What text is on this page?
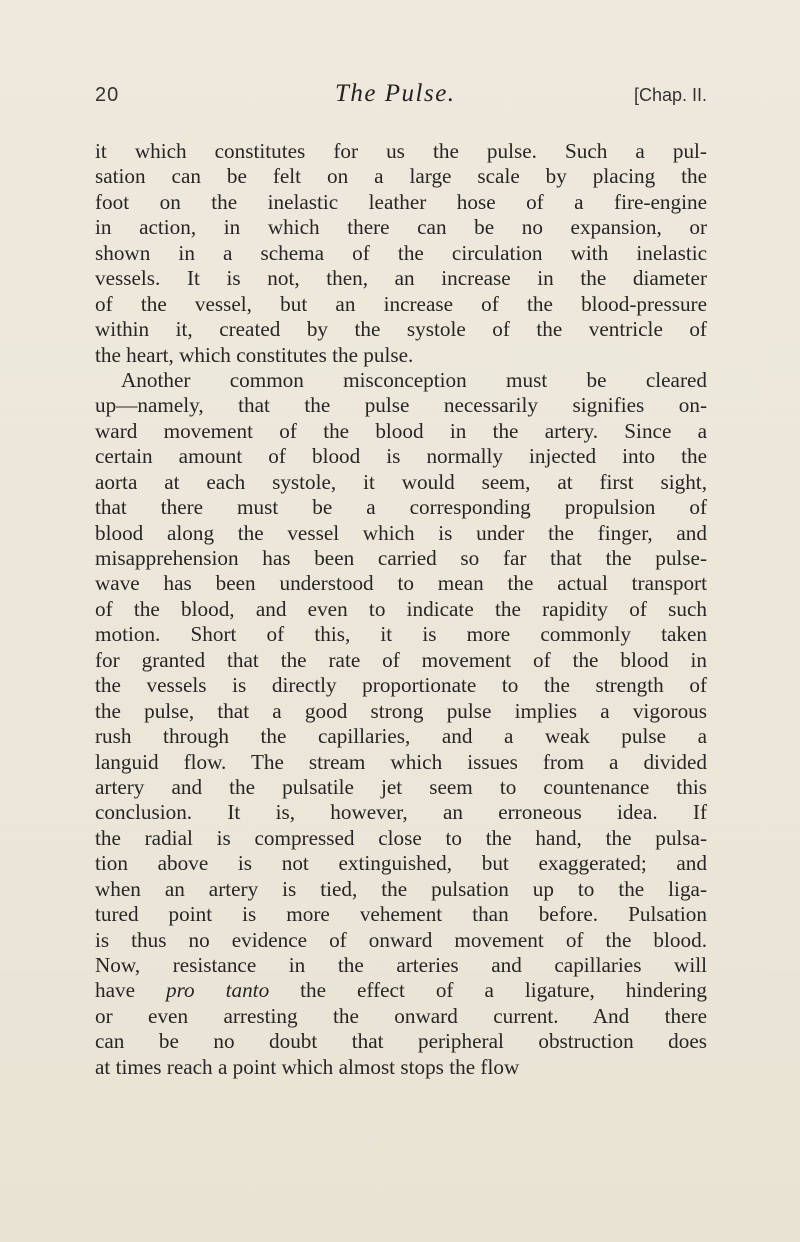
20	The Pulse.	[Chap. II.
it which constitutes for us the pulse. Such a pul-
sation can be felt on a large scale by placing the
foot on the inelastic leather hose of a fire-engine
in action, in which there can be no expansion, or
shown in a schema of the circulation with inelastic
vessels. It is not, then, an increase in the diameter
of the vessel, but an increase of the blood-pressure
within it, created by the systole of the ventricle of
the heart, which constitutes the pulse.
Another common misconception must be cleared
up—namely, that the pulse necessarily signifies on-
ward movement of the blood in the artery. Since a
certain amount of blood is normally injected into the
aorta at each systole, it would seem, at first sight,
that there must be a corresponding propulsion of
blood along the vessel which is under the finger, and
misapprehension has been carried so far that the pulse-
wave has been understood to mean the actual transport
of the blood, and even to indicate the rapidity of such
motion. Short of this, it is more commonly taken
for granted that the rate of movement of the blood in
the vessels is directly proportionate to the strength of
the pulse, that a good strong pulse implies a vigorous
rush through the capillaries, and a weak pulse a
languid flow. The stream which issues from a divided
artery and the pulsatile jet seem to countenance this
conclusion. It is, however, an erroneous idea. If
the radial is compressed close to the hand, the pulsa-
tion above is not extinguished, but exaggerated; and
when an artery is tied, the pulsation up to the liga-
tured point is more vehement than before. Pulsation
is thus no evidence of onward movement of the blood.
Now, resistance in the arteries and capillaries will
have pro tanto the effect of a ligature, hindering
or even arresting the onward current. And there
can be no doubt that peripheral obstruction does
at times reach a point which almost stops the flow
